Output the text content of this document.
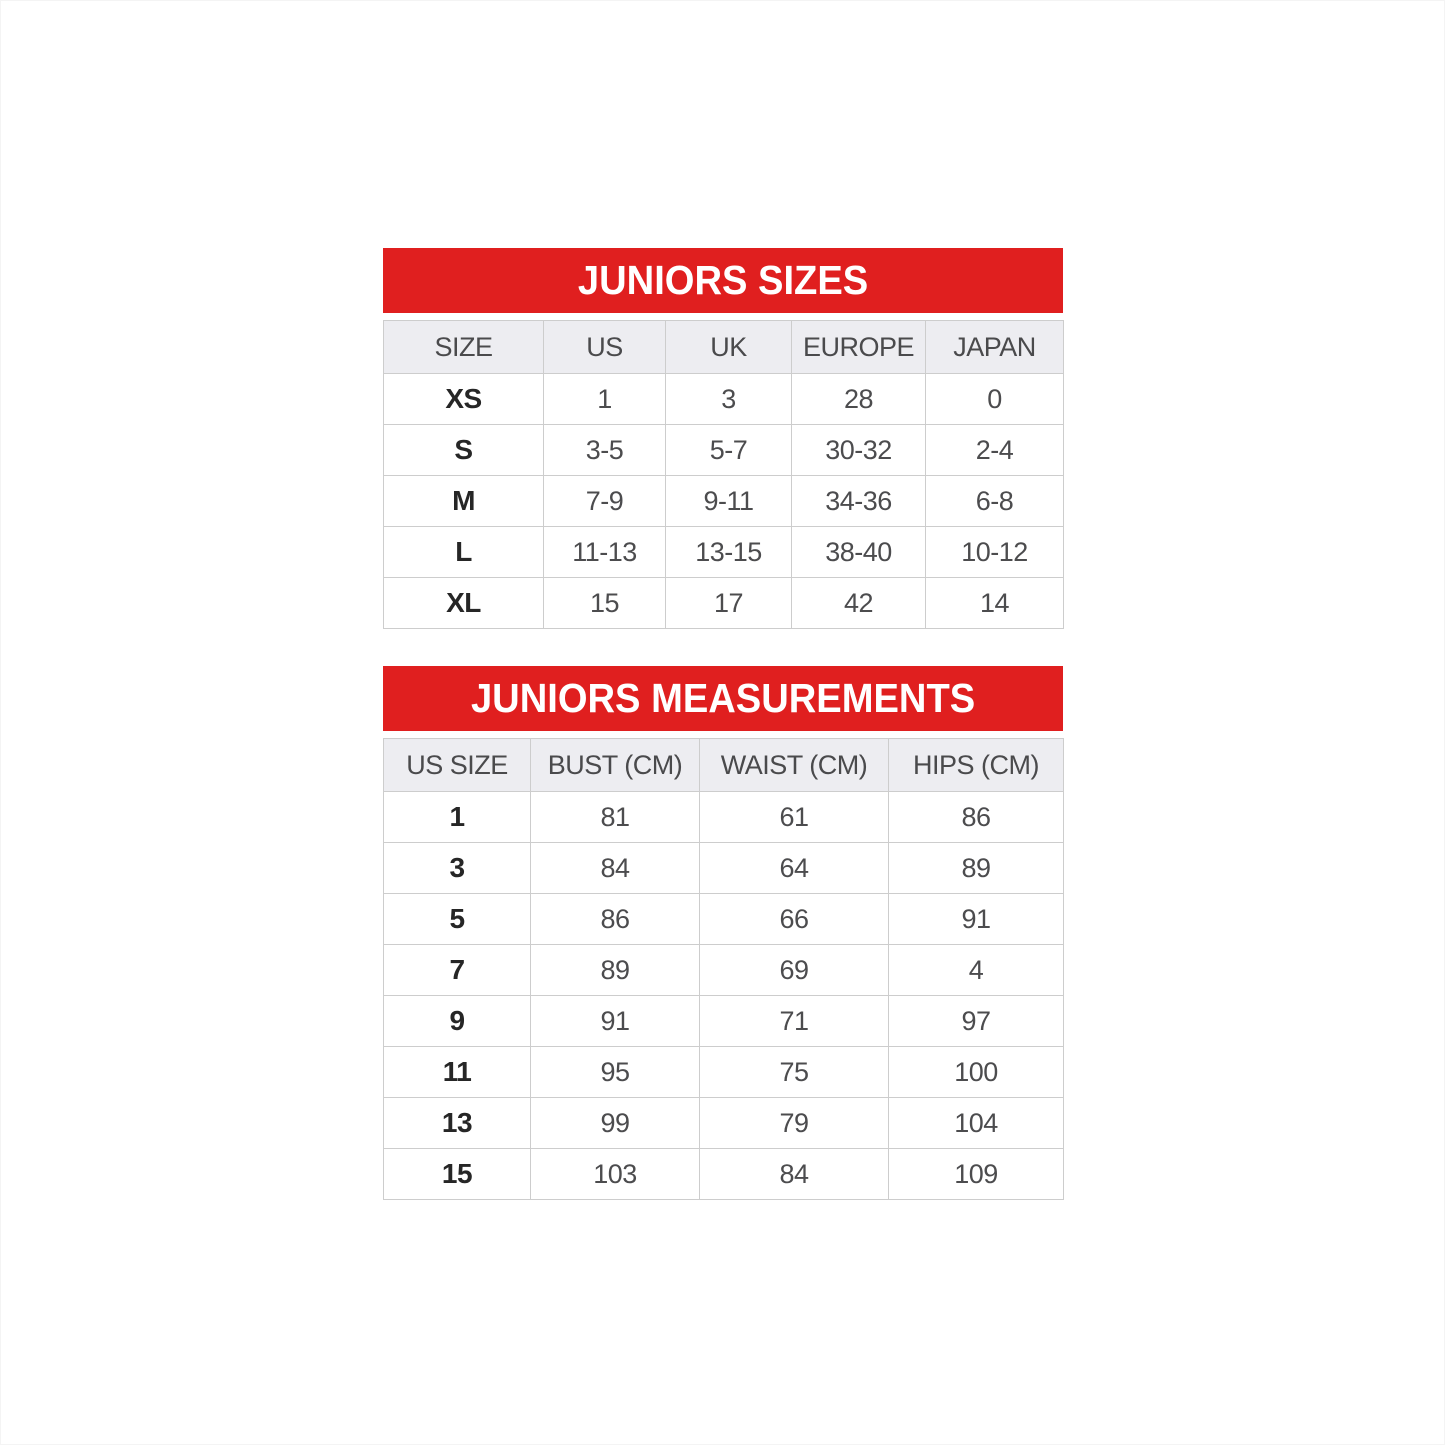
JUNIORS SIZES
SIZE	US	UK	EUROPE	JAPAN
XS	1	3	28	0
S	3-5	5-7	30-32	2-4
M	7-9	9-11	34-36	6-8
L	11-13	13-15	38-40	10-12
XL	15	17	42	14
JUNIORS MEASUREMENTS
US SIZE	BUST (CM)	WAIST (CM)	HIPS (CM)
1	81	61	86
3	84	64	89
5	86	66	91
7	89	69	4
9	91	71	97
11	95	75	100
13	99	79	104
15	103	84	109
